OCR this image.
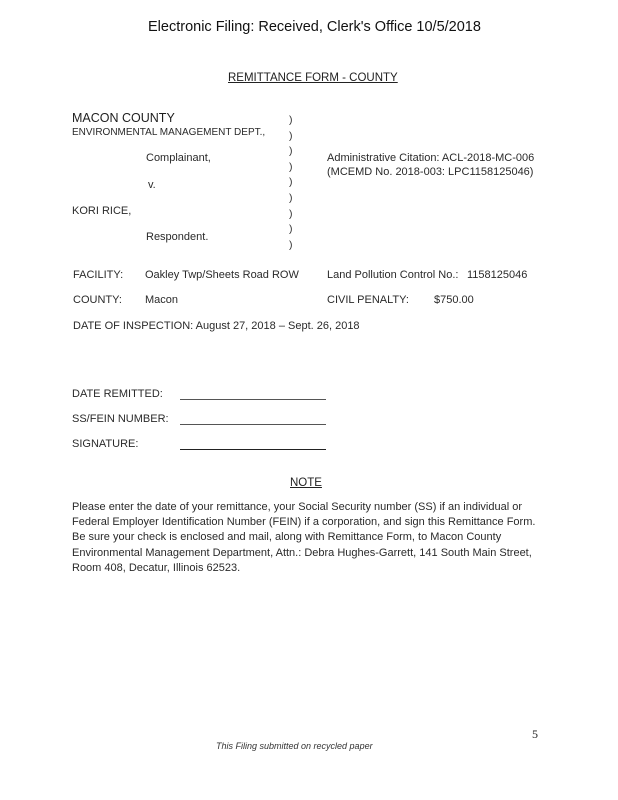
Electronic Filing: Received, Clerk's Office 10/5/2018
REMITTANCE FORM - COUNTY
MACON COUNTY
ENVIRONMENTAL MANAGEMENT DEPT.,
Complainant,
v.
KORI RICE,
Respondent.
)
)
)
)
)
)
)
)
)
Administrative Citation: ACL-2018-MC-006
(MCEMD No. 2018-003: LPC1158125046)
FACILITY: Oakley Twp/Sheets Road ROW	Land Pollution Control No.: 1158125046
COUNTY: Macon	CIVIL PENALTY: $750.00
DATE OF INSPECTION: August 27, 2018 – Sept. 26, 2018
DATE REMITTED:
SS/FEIN NUMBER:
SIGNATURE:
NOTE
Please enter the date of your remittance, your Social Security number (SS) if an individual or
Federal Employer Identification Number (FEIN) if a corporation, and sign this Remittance Form.
Be sure your check is enclosed and mail, along with Remittance Form, to Macon County
Environmental Management Department, Attn.: Debra Hughes-Garrett, 141 South Main Street,
Room 408, Decatur, Illinois 62523.
5
This Filing submitted on recycled paper
